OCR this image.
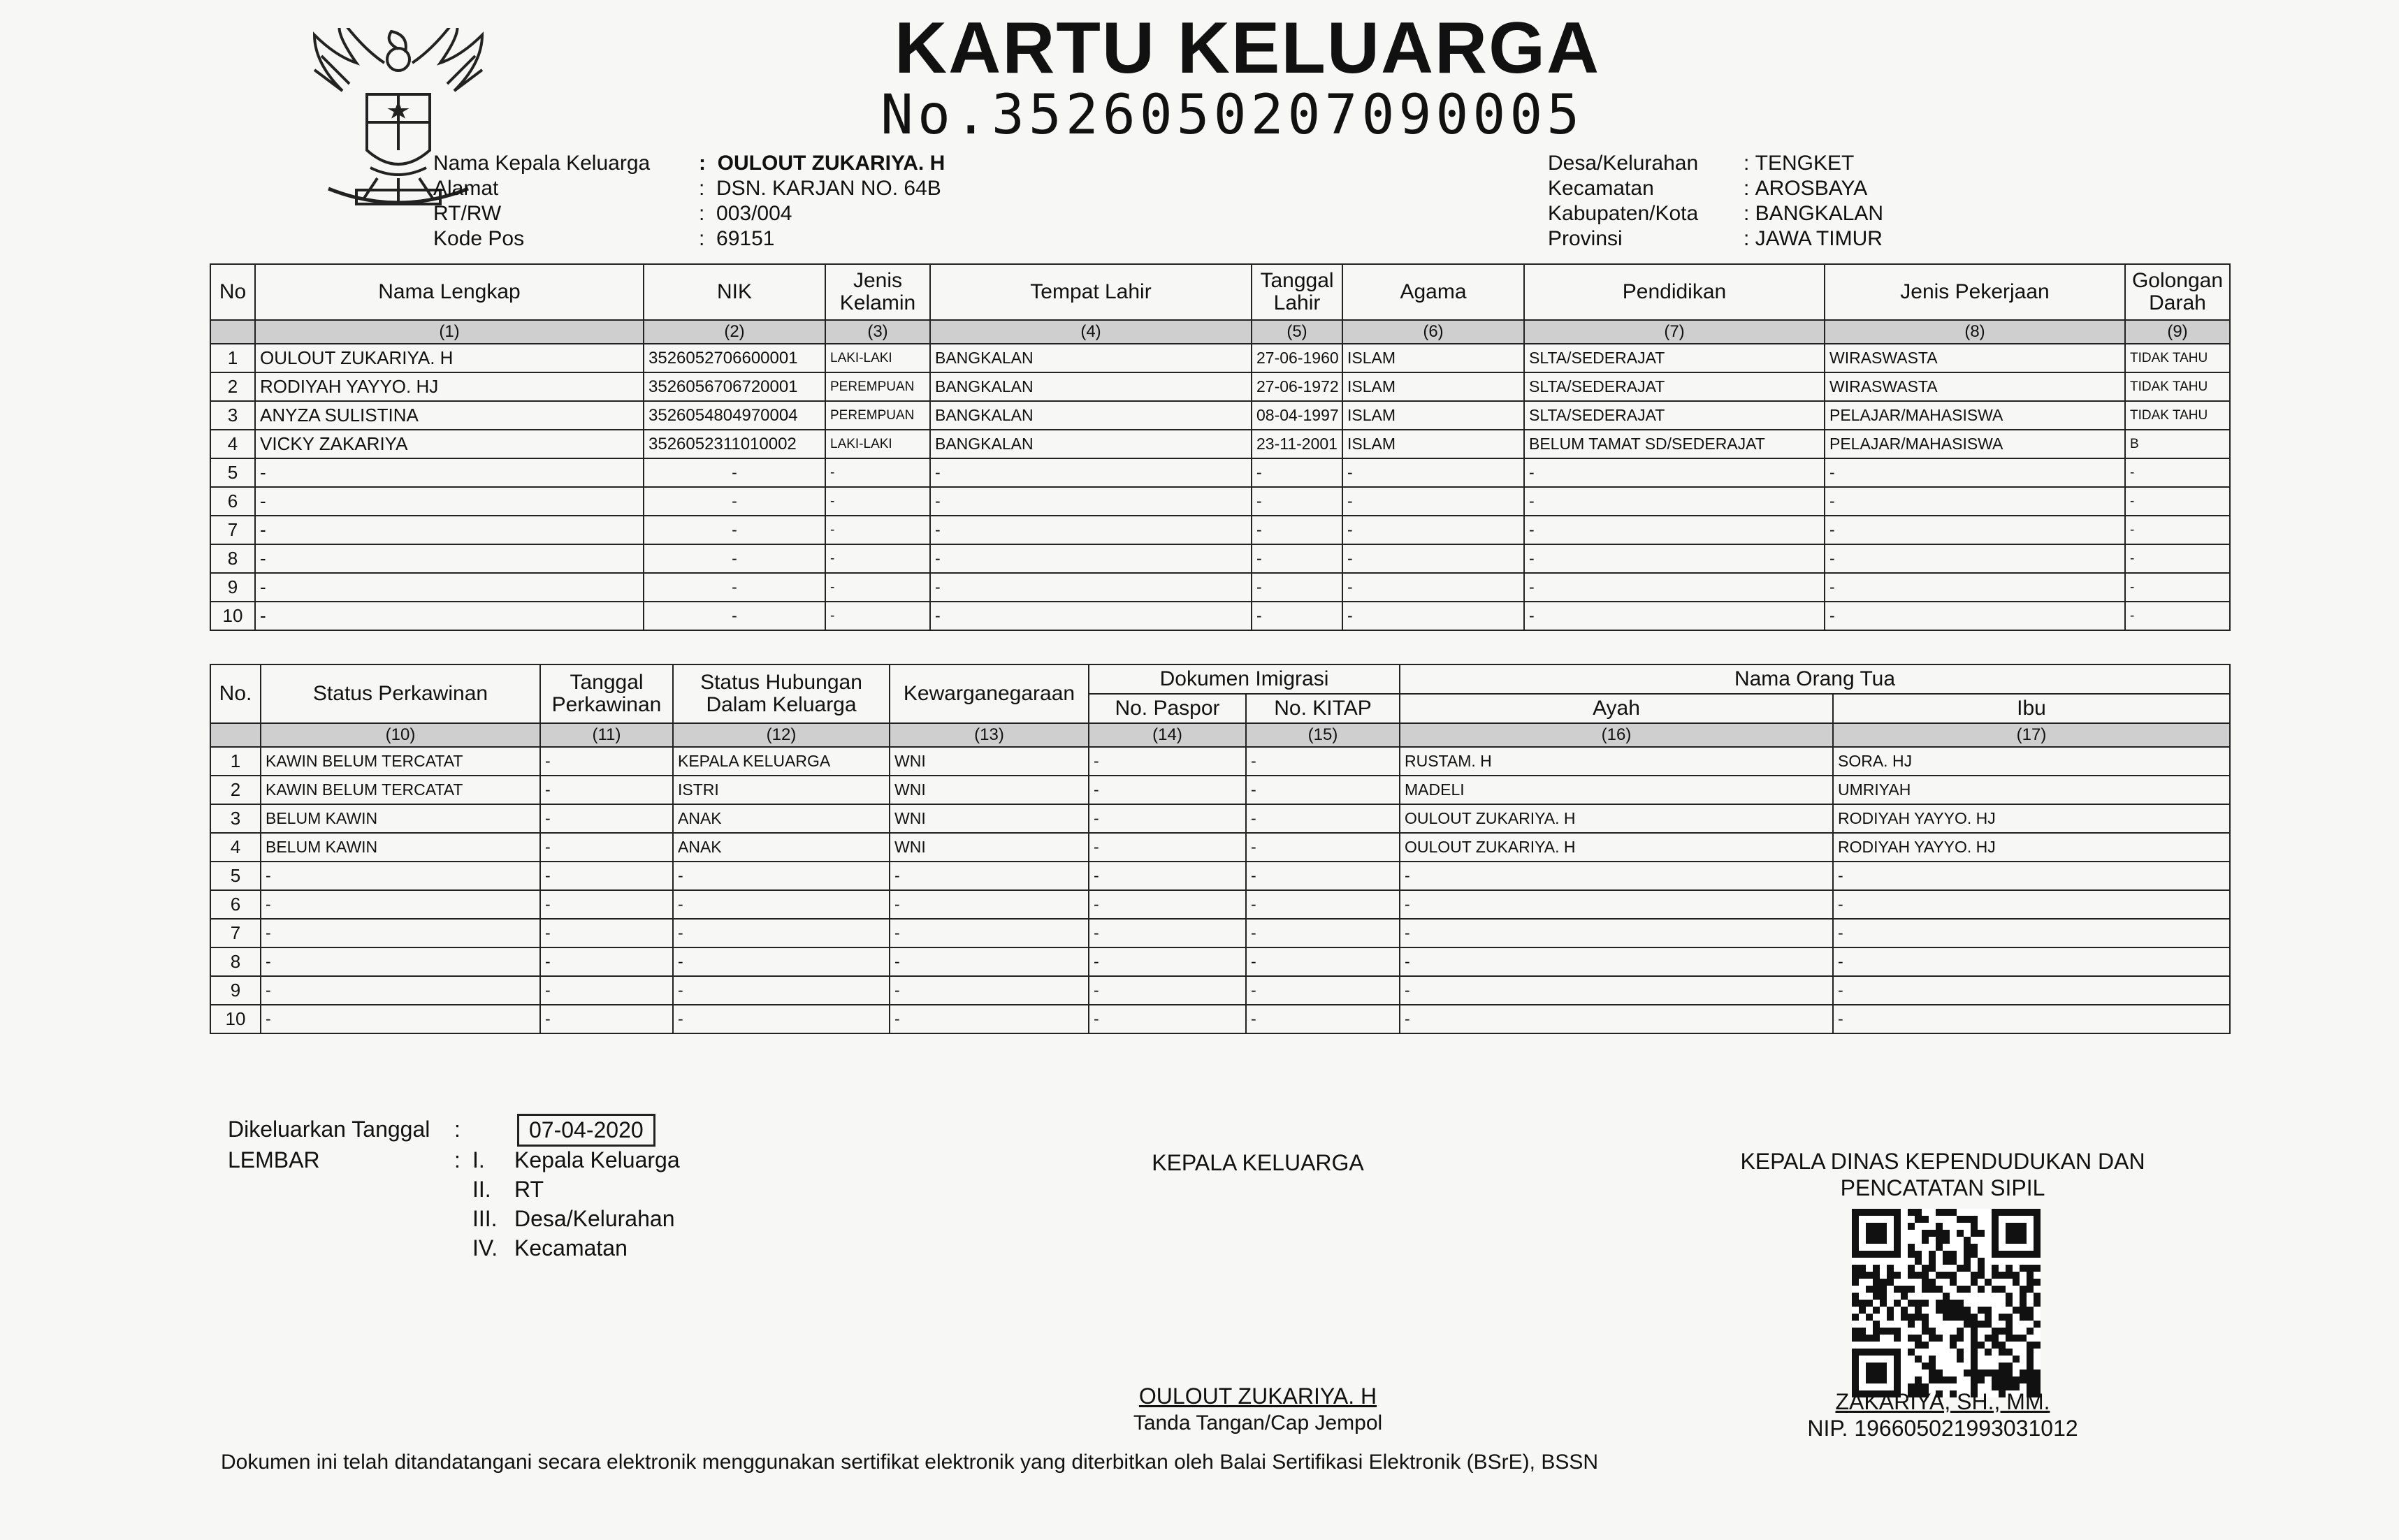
KARTU KELUARGA
No.3526050207090005
Nama Kepala Keluarga :  OULOUT ZUKARIYA. H
Alamat	:  DSN. KARJAN NO. 64B
RT/RW	:  003/004
Kode Pos	:  69151
Desa/Kelurahan : TENGKET
Kecamatan	: AROSBAYA
Kabupaten/Kota : BANGKALAN
Provinsi	: JAWA TIMUR
No	Nama Lengkap	NIK	Jenis Kelamin	Tempat Lahir	Tanggal Lahir	Agama	Pendidikan	Jenis Pekerjaan	Golongan Darah
	(1)	(2)	(3)	(4)	(5)	(6)	(7)	(8)	(9)
1	OULOUT ZUKARIYA. H	3526052706600001	LAKI-LAKI	BANGKALAN	27-06-1960	ISLAM	SLTA/SEDERAJAT	WIRASWASTA	TIDAK TAHU
2	RODIYAH YAYYO. HJ	3526056706720001	PEREMPUAN	BANGKALAN	27-06-1972	ISLAM	SLTA/SEDERAJAT	WIRASWASTA	TIDAK TAHU
3	ANYZA SULISTINA	3526054804970004	PEREMPUAN	BANGKALAN	08-04-1997	ISLAM	SLTA/SEDERAJAT	PELAJAR/MAHASISWA	TIDAK TAHU
4	VICKY ZAKARIYA	3526052311010002	LAKI-LAKI	BANGKALAN	23-11-2001	ISLAM	BELUM TAMAT SD/SEDERAJAT	PELAJAR/MAHASISWA	B
5	-	-	-	-	-	-	-	-	-
6	-	-	-	-	-	-	-	-	-
7	-	-	-	-	-	-	-	-	-
8	-	-	-	-	-	-	-	-	-
9	-	-	-	-	-	-	-	-	-
10	-	-	-	-	-	-	-	-	-
No.	Status Perkawinan	Tanggal Perkawinan	Status Hubungan Dalam Keluarga	Kewarganegaraan	Dokumen Imigrasi		Nama Orang Tua	
					No. Paspor	No. KITAP	Ayah	Ibu
	(10)	(11)	(12)	(13)	(14)	(15)	(16)	(17)
1	KAWIN BELUM TERCATAT	-	KEPALA KELUARGA	WNI	-	-	RUSTAM. H	SORA. HJ
2	KAWIN BELUM TERCATAT	-	ISTRI	WNI	-	-	MADELI	UMRIYAH
3	BELUM KAWIN	-	ANAK	WNI	-	-	OULOUT ZUKARIYA. H	RODIYAH YAYYO. HJ
4	BELUM KAWIN	-	ANAK	WNI	-	-	OULOUT ZUKARIYA. H	RODIYAH YAYYO. HJ
5	-	-	-	-	-	-	-	-
6	-	-	-	-	-	-	-	-
7	-	-	-	-	-	-	-	-
8	-	-	-	-	-	-	-	-
9	-	-	-	-	-	-	-	-
10	-	-	-	-	-	-	-	-
Dikeluarkan Tanggal :	07-04-2020
LEMBAR	: I. Kepala Keluarga
II. RT
III. Desa/Kelurahan
IV. Kecamatan
KEPALA KELUARGA
OULOUT ZUKARIYA. H
Tanda Tangan/Cap Jempol
KEPALA DINAS KEPENDUDUKAN DAN
PENCATATAN SIPIL
ZAKARIYA, SH., MM.
NIP. 196605021993031012
Dokumen ini telah ditandatangani secara elektronik menggunakan sertifikat elektronik yang diterbitkan oleh Balai Sertifikasi Elektronik (BSrE), BSSN
